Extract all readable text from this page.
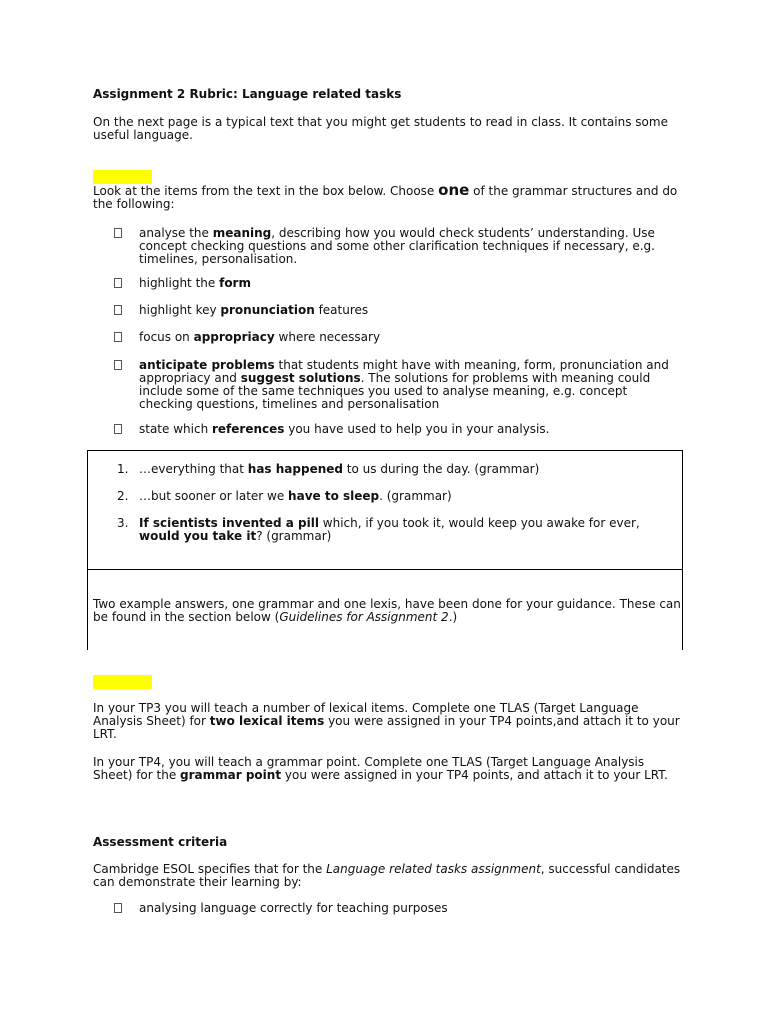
Assignment 2 Rubric: Language related tasks
On the next page is a typical text that you might get students to read in class. It contains some useful language.
Look at the items from the text in the box below. Choose one of the grammar structures and do the following:
analyse the meaning, describing how you would check students’ understanding. Use concept checking questions and some other clarification techniques if necessary, e.g. timelines, personalisation.
highlight the form
highlight key pronunciation features
focus on appropriacy where necessary
anticipate problems that students might have with meaning, form, pronunciation and appropriacy and suggest solutions. The solutions for problems with meaning could include some of the same techniques you used to analyse meaning, e.g. concept checking questions, timelines and personalisation
state which references you have used to help you in your analysis.
1. …everything that has happened to us during the day. (grammar)
2. …but sooner or later we have to sleep. (grammar)
3. If scientists invented a pill which, if you took it, would keep you awake for ever, would you take it? (grammar)
Two example answers, one grammar and one lexis, have been done for your guidance. These can be found in the section below (Guidelines for Assignment 2.)
In your TP3 you will teach a number of lexical items. Complete one TLAS (Target Language Analysis Sheet) for two lexical items you were assigned in your TP4 points,and attach it to your LRT.
In your TP4, you will teach a grammar point. Complete one TLAS (Target Language Analysis Sheet) for the grammar point you were assigned in your TP4 points, and attach it to your LRT.
Assessment criteria
Cambridge ESOL specifies that for the Language related tasks assignment, successful candidates can demonstrate their learning by:
analysing language correctly for teaching purposes
